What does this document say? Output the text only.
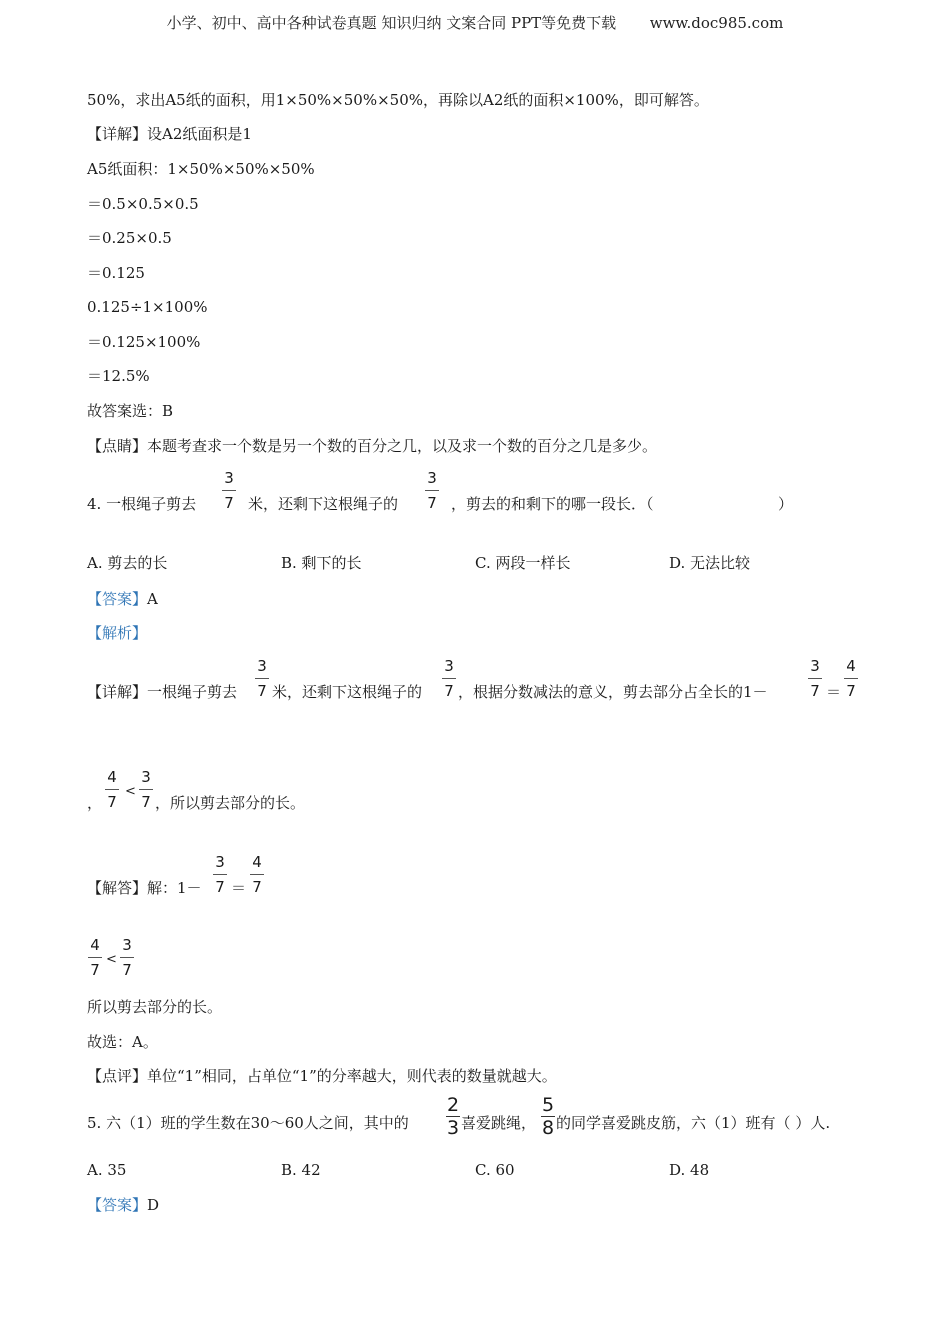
小学、初中、高中各种试卷真题 知识归纳 文案合同 PPT等免费下载 www.doc985.com
50%，求出A5纸的面积，用1×50%×50%×50%，再除以A2纸的面积×100%，即可解答。
【详解】设A2纸面积是1
A5纸面积：1×50%×50%×50%
＝0.5×0.5×0.5
＝0.25×0.5
＝0.125
0.125÷1×100%
＝0.125×100%
＝12.5%
故答案选：B
【点睛】本题考查求一个数是另一个数的百分之几，以及求一个数的百分之几是多少。
4. 一根绳子剪去
3
7 米，还剩下这根绳子的
3
7 ，剪去的和剩下的哪一段长．（	）
A. 剪去的长	B. 剩下的长	C. 两段一样长	D. 无法比较
【答案】A
【解析】
【详解】一根绳子剪去
3
7 米，还剩下这根绳子的
3
7 ，根据分数减法的意义，剪去部分占全长的1－
3
7 ＝
4
7
，
4
7
<
3
7 ，所以剪去部分的长。
【解答】解：1－
3
7 ＝
4
7
4
7
<
3
7
所以剪去部分的长。
故选：A。
【点评】单位“1”相同，占单位“1”的分率越大，则代表的数量就越大。
5. 六（1）班的学生数在30～60人之间，其中的
2
3 喜爱跳绳，
5
8 的同学喜爱跳皮筋，六（1）班有（ ）人.
A. 35	B. 42	C. 60	D. 48
【答案】D
